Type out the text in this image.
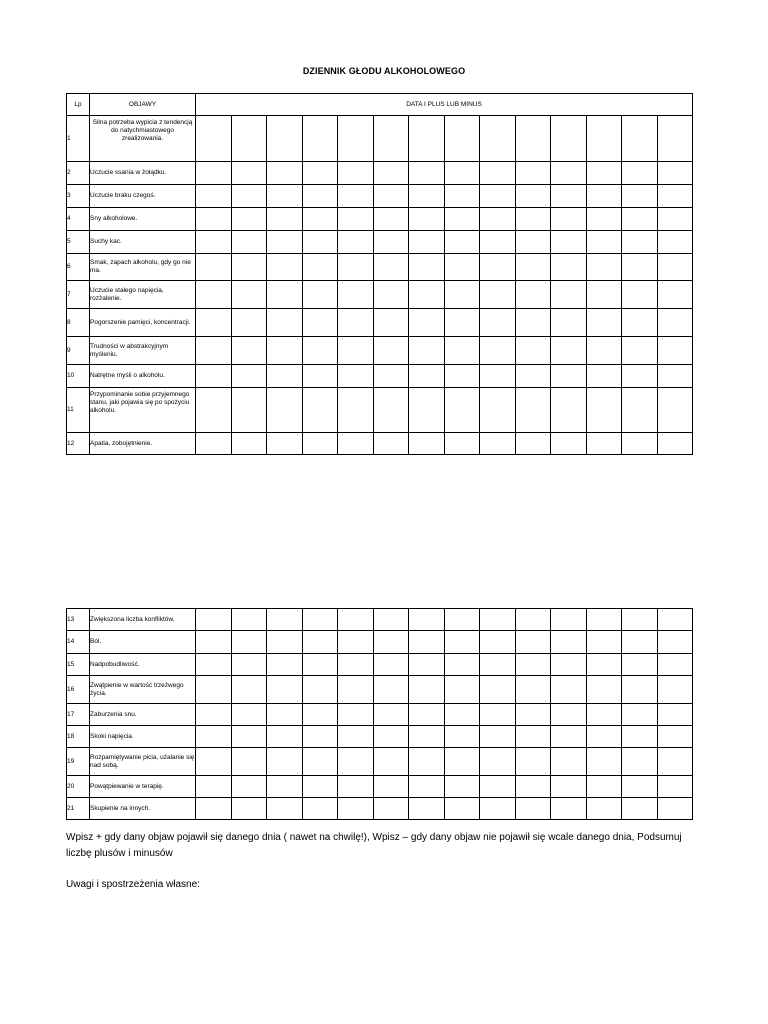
DZIENNIK GŁODU ALKOHOLOWEGO
Lp	OBJAWY	DATA I PLUS LUB MINUS													
1	Silna potrzeba wypicia z tendencją do natychmiastowego zrealizowania.														
2	Uczucie ssania w żołądku.														
3	Uczucie braku czegoś.														
4	Sny alkoholowe.														
5	Suchy kac.														
6	Smak, zapach alkoholu, gdy go nie ma.														
7	Uczucie stałego napięcia, rozżalenie.														
8	Pogorszenie pamięci, koncentracji.														
9	Trudności w abstrakcyjnym myśleniu.														
10	Natrętne myśli o alkoholu.														
11	Przypominanie sobie przyjemnego stanu, jaki pojawia się po spożyciu alkoholu.														
12	Apatia, zobojętnienie.														
13	Zwiększona liczba konfliktów.														
14	Ból.														
15	Nadpobudliwość.														
16	Zwątpienie w wartość trzeźwego życia.														
17	Zaburzenia snu.														
18	Skoki napięcia.														
19	Rozpamiętywanie picia, użalanie się nad sobą.														
20	Powątpiewanie w terapię.														
21	Skupienie na innych.														
Wpisz + gdy dany objaw pojawił się danego dnia ( nawet na chwilę!), Wpisz – gdy dany objaw nie pojawił się wcale danego dnia, Podsumuj liczbę plusów i minusów
Uwagi i spostrzeżenia własne:
